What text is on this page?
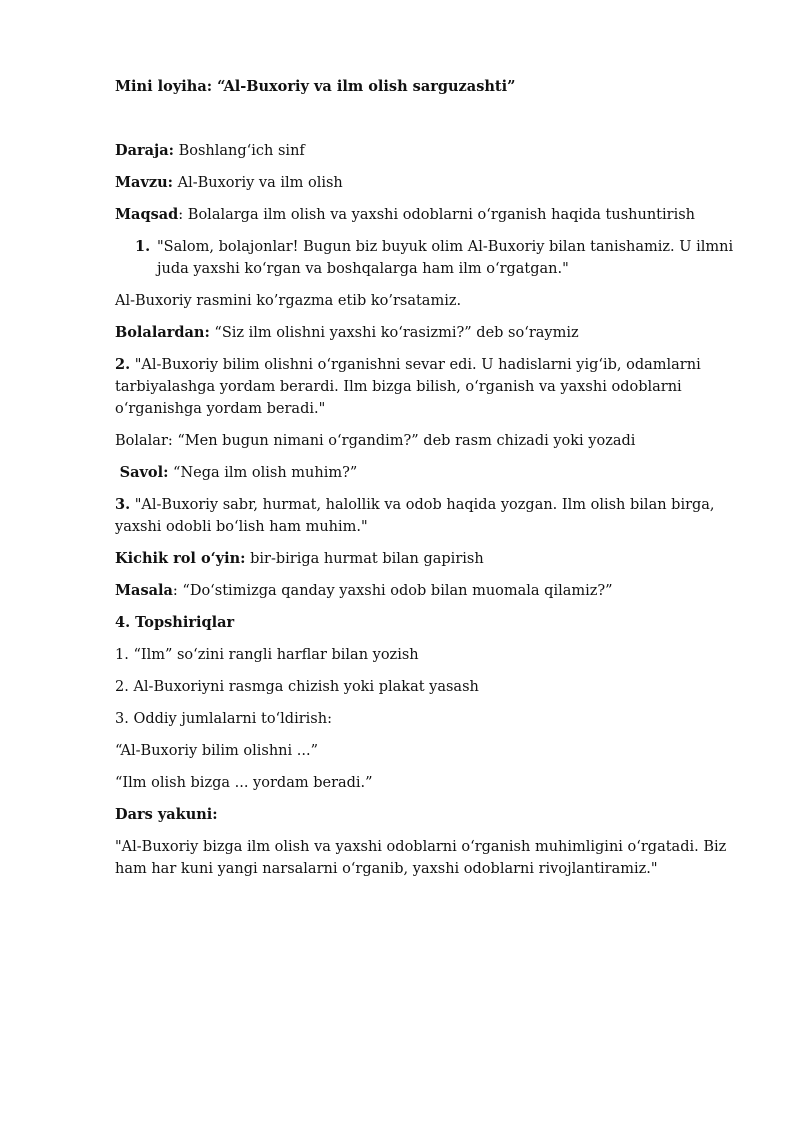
Mini loyiha: “Al-Buxoriy va ilm olish sarguzashti”

Daraja: Boshlang‘ich sinf

Mavzu: Al-Buxoriy va ilm olish

Maqsad: Bolalarga ilm olish va yaxshi odoblarni o‘rganish haqida tushuntirish

1. "Salom, bolajonlar! Bugun biz buyuk olim Al-Buxoriy bilan tanishamiz. U ilmni juda yaxshi ko‘rgan va boshqalarga ham ilm o‘rgatgan."

Al-Buxoriy rasmini ko’rgazma etib ko’rsatamiz.

Bolalardan: “Siz ilm olishni yaxshi ko‘rasizmi?” deb so‘raymiz

2. "Al-Buxoriy bilim olishni o‘rganishni sevar edi. U hadislarni yig‘ib, odamlarni tarbiyalashga yordam berardi. Ilm bizga bilish, o‘rganish va yaxshi odoblarni o‘rganishga yordam beradi."

Bolalar: “Men bugun nimani o‘rgandim?” deb rasm chizadi yoki yozadi

Savol: “Nega ilm olish muhim?”

3. "Al-Buxoriy sabr, hurmat, halollik va odob haqida yozgan. Ilm olish bilan birga, yaxshi odobli bo‘lish ham muhim."

Kichik rol o‘yin: bir-biriga hurmat bilan gapirish

Masala: “Do‘stimizga qanday yaxshi odob bilan muomala qilamiz?”

4. Topshiriqlar

1. “Ilm” so‘zini rangli harflar bilan yozish

2. Al-Buxoriyni rasmga chizish yoki plakat yasash

3. Oddiy jumlalarni to‘ldirish:

“Al-Buxoriy bilim olishni ...”

“Ilm olish bizga ... yordam beradi.”

Dars yakuni:

"Al-Buxoriy bizga ilm olish va yaxshi odoblarni o‘rganish muhimligini o‘rgatadi. Biz ham har kuni yangi narsalarni o‘rganib, yaxshi odoblarni rivojlantiramiz."
